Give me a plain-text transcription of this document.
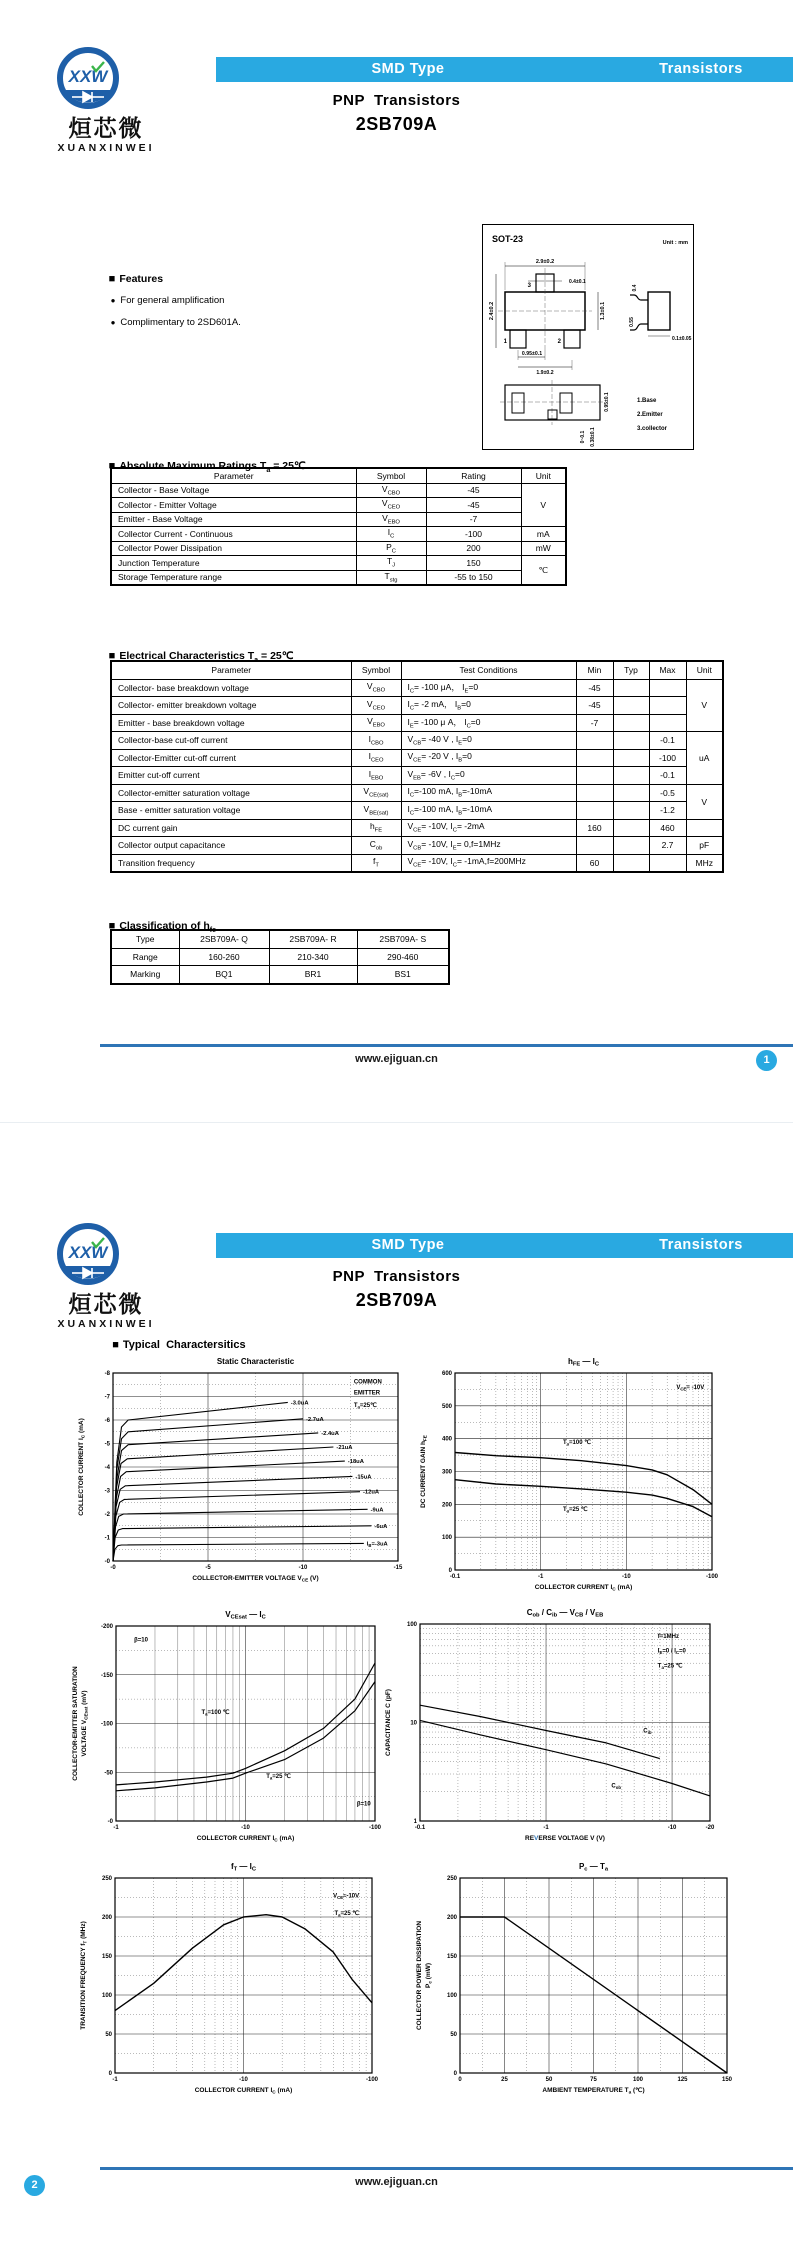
XXW
烜芯微
XUANXINWEI
SMD Type	Transistors
PNP  Transistors
2SB709A

■ Features

● For general amplification

● Complimentary to 2SD601A.

SOT-23	Unit : mm
3
1	2
2.9±0.2
0.4±0.1
2.4±0.2	1.3±0.1
0.95±0.1
1.9±0.2
0.4
0.55
0.1±0.05
0.95±0.1
0~0.1 0.38±0.1
1.Base
2.Emitter
3.collector

■ Absolute Maximum Ratings $T_a$ = 25℃

Parameter	Symbol	Rating	Unit
Collector - Base Voltage	$V_{CBO}$	-45	V
Collector - Emitter Voltage	$V_{CEO}$	-45	
Emitter - Base Voltage	$V_{EBO}$	-7	
Collector Current - Continuous	$I_C$	-100	mA
Collector Power Dissipation	$P_C$	200	mW
Junction Temperature	$T_J$	150	℃
Storage Temperature range	$T_{stg}$	-55 to 150	

■ Electrical Characteristics $T_a$ = 25℃

Parameter	Symbol	Test Conditions	Min	Typ	Max	Unit
Collector- base breakdown voltage	$V_{CBO}$	$I_C= -100$ μA， $I_E=0$	-45			V
Collector- emitter breakdown voltage	$V_{CEO}$	$I_C= -2$ mA， $I_B=0$	-45			
Emitter - base breakdown voltage	$V_{EBO}$	$I_E= -100$ μ A， $I_C=0$	-7			
Collector-base cut-off current	$I_{CBO}$	$V_{CB}= -40$ V , $I_E=0$			-0.1	uA
Collector-Emitter cut-off current	$I_{CEO}$	$V_{CE}= -20$ V , $I_B=0$			-100	
Emitter cut-off current	$I_{EBO}$	$V_{EB}= -6V$ , $I_C=0$			-0.1	
Collector-emitter saturation voltage	$V_{CE(sat)}$	$I_C=-100$ mA, $I_B=-10mA$			-0.5	V
Base - emitter saturation voltage	$V_{BE(sat)}$	$I_C=-100$ mA, $I_B=-10mA$			-1.2	
DC current gain	$h_{FE}$	$V_{CE}= -10V$, $I_C= -2mA$	160		460	
Collector output capacitance	$C_{ob}$	$V_{CB}= -10V$, $I_E= 0,f=1MHz$			2.7	pF
Transition frequency	$f_T$	$V_{CE}= -10V$, $I_C= -1mA,f=200MHz$	60			MHz

■ Classification of $h_{fe}$

Type	2SB709A- Q	2SB709A- R	2SB709A- S
Range	160-260	210-340	290-460
Marking	BQ1	BR1	BS1
www.ejiguan.cn	1
XXW
烜芯微
XUANXINWEI
SMD Type	Transistors
PNP  Transistors
2SB709A

■ Typical  Charactersitics

-0	-5	-10	-15
-0
-1
-2
-3
-4
-5
-6
-7
-8
Static Characteristic
COLLECTOR-EMITTER VOLTAGE $V_{CE}$ (V)
COLLECTOR CURRENT $I_C$ (mA)
COMMON
EMITTER
$T_a=25℃$
-3.0uA
-2.7uA
-2.4uA
-21uA
-18uA
-15uA
-12uA
-9uA
-6uA
$I_B=-3uA$
-0.1	-1	-10	-100
0
100
200
300
400
500
600
$h_{FE}$ — $I_C$
COLLECTOR CURRENT $I_C$ (mA)
DC CURRENT GAIN $h_{FE}$
$V_{CE}= -10V$
$T_a=100$ ℃
$T_a=25$ ℃
-1	-10	-100
-0
-50
-100
-150
-200
$V_{CEsat}$ — $I_C$
COLLECTOR CURRENT $I_C$ (mA)
COLLECTOR-EMITTER SATURATION VOLTAGE $V_{CEsat}$ (mV)
β=10
$T_a=100$ ℃
$T_a=25$ ℃
β=10
-0.1	-1	-10	-20
1
10
100
$C_{ob} / C_{ib}$ — $V_{CB} / V_{EB}$
REVERSE VOLTAGE V (V)
CAPACITANCE C (pF)
f=1MHz
$I_E=0 / I_C=0$
$T_a=25$ ℃
$C_{ib}$
$C_{ob}$
-1	-10	-100
0
50
100
150
200
250
$f_T$ — $I_C$
COLLECTOR CURRENT $I_C$ (mA)
TRANSITION FREQUENCY $f_T$ (MHz)
$V_{CE}\approx-10V$
$T_a=25$ ℃
0	25	50	75	100	125	150
0
50
100
150
200
250
$P_c$ — $T_a$
AMBIENT TEMPERATURE $T_a$ (℃)
COLLECTOR POWER DISSIPATION $P_c$ (mW)
www.ejiguan.cn
2
